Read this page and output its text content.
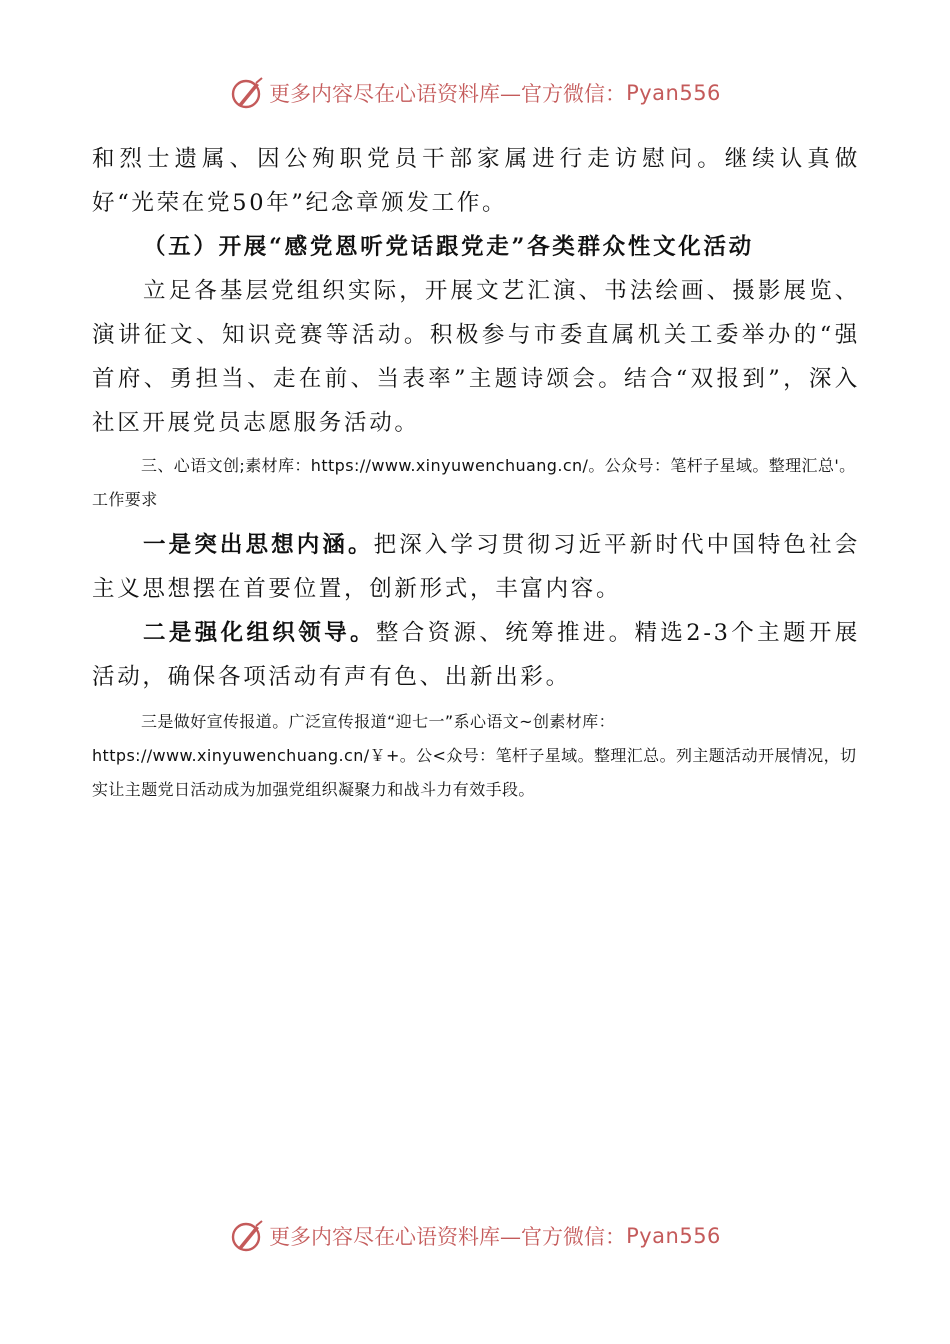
更多内容尽在心语资料库—官方微信： Pyan556

和烈士遗属、因公殉职党员干部家属进行走访慰问。继续认真做好“光荣在党50年”纪念章颁发工作。

（五）开展“感党恩听党话跟党走”各类群众性文化活动

立足各基层党组织实际，开展文艺汇演、书法绘画、摄影展览、演讲征文、知识竞赛等活动。积极参与市委直属机关工委举办的“强首府、勇担当、走在前、当表率”主题诗颂会。结合“双报到”，深入社区开展党员志愿服务活动。

三、心语文创;素材库：https://www.xinyuwenchuang.cn/。公众号：笔杆子星域。整理汇总'。工作要求

一是突出思想内涵。把深入学习贯彻习近平新时代中国特色社会主义思想摆在首要位置，创新形式，丰富内容。

二是强化组织领导。整合资源、统筹推进。精选2-3个主题开展活动，确保各项活动有声有色、出新出彩。

三是做好宣传报道。广泛宣传报道“迎七一”系心语文~创素材库：https://www.xinyuwenchuang.cn/￥+。公<众号：笔杆子星域。整理汇总。列主题活动开展情况，切实让主题党日活动成为加强党组织凝聚力和战斗力有效手段。

更多内容尽在心语资料库—官方微信： Pyan556
